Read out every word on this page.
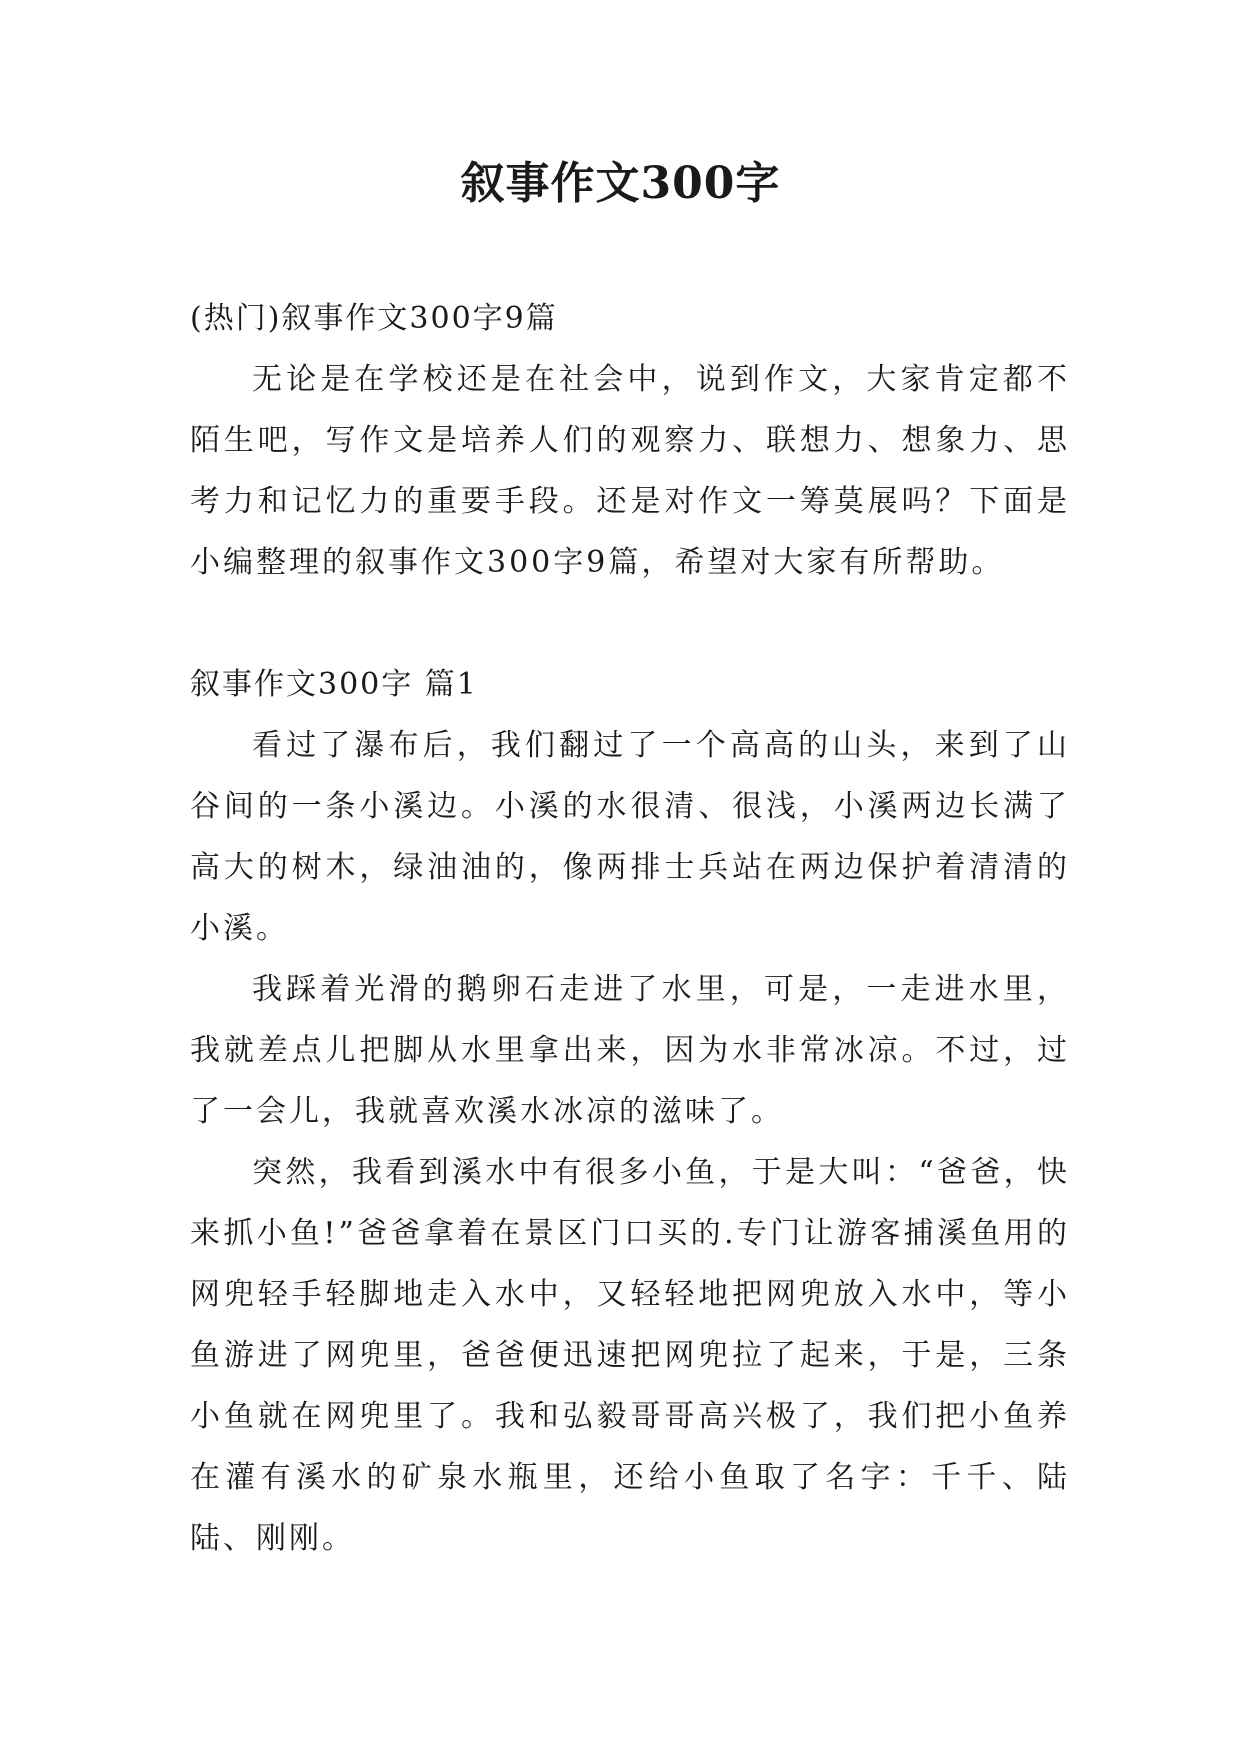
叙事作文300字

(热门)叙事作文300字9篇

无论是在学校还是在社会中，说到作文，大家肯定都不陌生吧，写作文是培养人们的观察力、联想力、想象力、思考力和记忆力的重要手段。还是对作文一筹莫展吗？下面是小编整理的叙事作文300字9篇，希望对大家有所帮助。

叙事作文300字 篇1

看过了瀑布后，我们翻过了一个高高的山头，来到了山谷间的一条小溪边。小溪的水很清、很浅，小溪两边长满了高大的树木，绿油油的，像两排士兵站在两边保护着清清的小溪。

我踩着光滑的鹅卵石走进了水里，可是，一走进水里，我就差点儿把脚从水里拿出来，因为水非常冰凉。不过，过了一会儿，我就喜欢溪水冰凉的滋味了。

突然，我看到溪水中有很多小鱼，于是大叫：“爸爸，快来抓小鱼!”爸爸拿着在景区门口买的.专门让游客捕溪鱼用的网兜轻手轻脚地走入水中，又轻轻地把网兜放入水中，等小鱼游进了网兜里，爸爸便迅速把网兜拉了起来，于是，三条小鱼就在网兜里了。我和弘毅哥哥高兴极了，我们把小鱼养在灌有溪水的矿泉水瓶里，还给小鱼取了名字：千千、陆陆、刚刚。
